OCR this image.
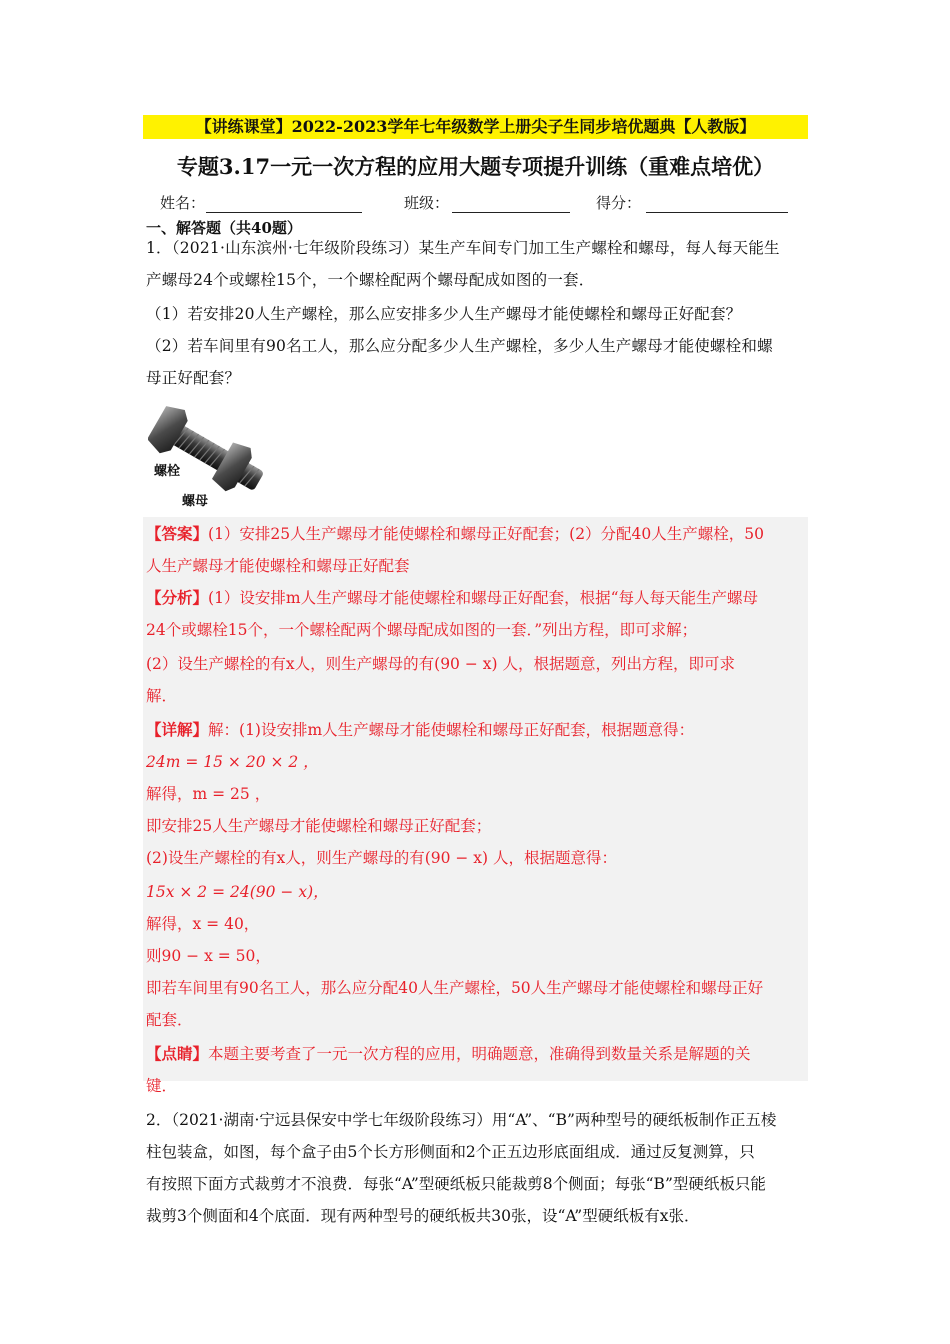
【讲练课堂】2022-2023学年七年级数学上册尖子生同步培优题典【人教版】
专题3.17一元一次方程的应用大题专项提升训练（重难点培优）
姓名：	班级：	得分：
一、解答题（共40题）
1．（2021·山东滨州·七年级阶段练习）某生产车间专门加工生产螺栓和螺母，每人每天能生
产螺母24个或螺栓15个，一个螺栓配两个螺母配成如图的一套．
（1）若安排20人生产螺栓，那么应安排多少人生产螺母才能使螺栓和螺母正好配套？
（2）若车间里有90名工人，那么应分配多少人生产螺栓，多少人生产螺母才能使螺栓和螺
母正好配套？
螺栓
螺母
【答案】(1）安排25人生产螺母才能使螺栓和螺母正好配套；(2）分配40人生产螺栓，50
人生产螺母才能使螺栓和螺母正好配套
【分析】(1）设安排m人生产螺母才能使螺栓和螺母正好配套，根据“每人每天能生产螺母
24个或螺栓15个，一个螺栓配两个螺母配成如图的一套．”列出方程，即可求解；
(2）设生产螺栓的有x人，则生产螺母的有(90 − x) 人，根据题意，列出方程，即可求
解．
【详解】解：(1)设安排m人生产螺母才能使螺栓和螺母正好配套，根据题意得：
24m = 15 × 20 × 2 ，
解得，m = 25 ，
即安排25人生产螺母才能使螺栓和螺母正好配套；
(2)设生产螺栓的有x人，则生产螺母的有(90 − x) 人，根据题意得：
15x × 2 = 24(90 − x)，
解得，x = 40，
则90 − x = 50，
即若车间里有90名工人，那么应分配40人生产螺栓，50人生产螺母才能使螺栓和螺母正好
配套．
【点睛】本题主要考查了一元一次方程的应用，明确题意，准确得到数量关系是解题的关
键．
2．（2021·湖南·宁远县保安中学七年级阶段练习）用“A”、“B”两种型号的硬纸板制作正五棱
柱包装盒，如图，每个盒子由5个长方形侧面和2个正五边形底面组成．通过反复测算，只
有按照下面方式裁剪才不浪费．每张“A”型硬纸板只能裁剪8个侧面；每张“B”型硬纸板只能
裁剪3个侧面和4个底面．现有两种型号的硬纸板共30张，设“A”型硬纸板有x张．
